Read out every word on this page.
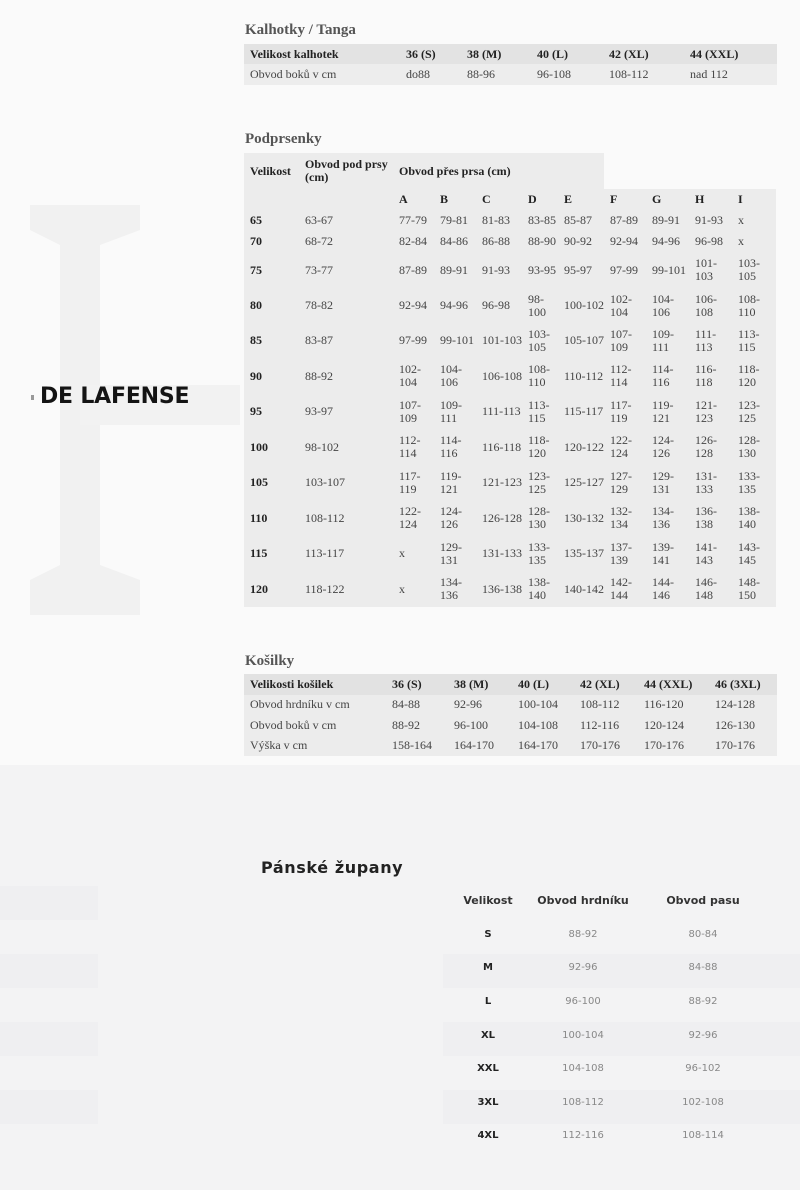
DE LAFENSE
Kalhotky / Tanga
Velikost kalhotek	36 (S)	38 (M)	40 (L)	42 (XL)	44 (XXL)
Obvod boků v cm	do88	88-96	96-108	108-112	nad 112
Podprsenky
Velikost	Obvod pod prsy (cm)	Obvod přes prsa (cm)								
		A	B	C	D	E	F	G	H	I
65	63-67	77-79	79-81	81-83	83-85	85-87	87-89	89-91	91-93	x
70	68-72	82-84	84-86	86-88	88-90	90-92	92-94	94-96	96-98	x
75	73-77	87-89	89-91	91-93	93-95	95-97	97-99	99-101	101-103	103-105
80	78-82	92-94	94-96	96-98	98-100	100-102	102-104	104-106	106-108	108-110
85	83-87	97-99	99-101	101-103	103-105	105-107	107-109	109-111	111-113	113-115
90	88-92	102-104	104-106	106-108	108-110	110-112	112-114	114-116	116-118	118-120
95	93-97	107-109	109-111	111-113	113-115	115-117	117-119	119-121	121-123	123-125
100	98-102	112-114	114-116	116-118	118-120	120-122	122-124	124-126	126-128	128-130
105	103-107	117-119	119-121	121-123	123-125	125-127	127-129	129-131	131-133	133-135
110	108-112	122-124	124-126	126-128	128-130	130-132	132-134	134-136	136-138	138-140
115	113-117	x	129-131	131-133	133-135	135-137	137-139	139-141	141-143	143-145
120	118-122	x	134-136	136-138	138-140	140-142	142-144	144-146	146-148	148-150
Košilky
Velikosti košilek	36 (S)	38 (M)	40 (L)	42 (XL)	44 (XXL)	46 (3XL)
Obvod hrdníku v cm	84-88	92-96	100-104	108-112	116-120	124-128
Obvod boků v cm	88-92	96-100	104-108	112-116	120-124	126-130
Výška v cm	158-164	164-170	164-170	170-176	170-176	170-176
Pánské župany
Velikost	Obvod hrdníku	Obvod pasu
S	88-92	80-84
M	92-96	84-88
L	96-100	88-92
XL	100-104	92-96
XXL	104-108	96-102
3XL	108-112	102-108
4XL	112-116	108-114
